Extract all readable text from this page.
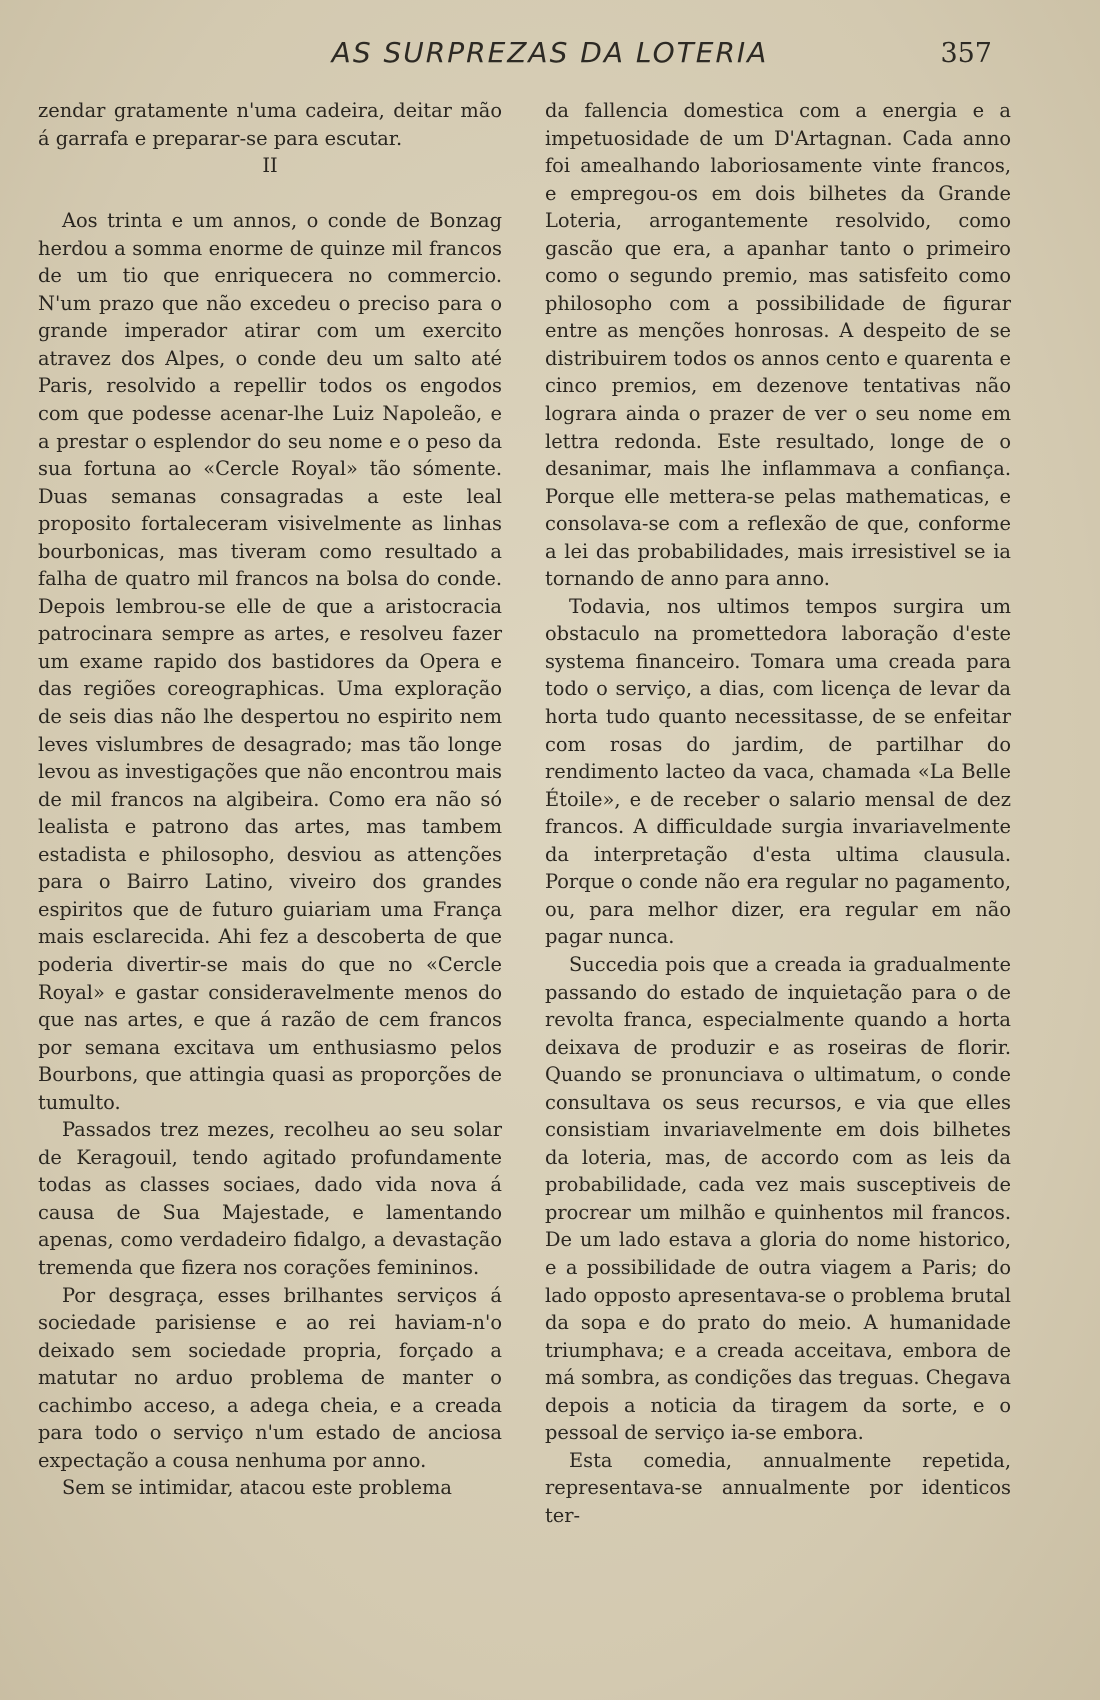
AS SURPREZAS DA LOTERIA	357

zendar gratamente n'uma cadeira, deitar mão á garrafa e preparar-se para escutar.

II

Aos trinta e um annos, o conde de Bonzag herdou a somma enorme de quinze mil francos de um tio que enriquecera no commercio. N'um prazo que não excedeu o preciso para o grande imperador atirar com um exercito atravez dos Alpes, o conde deu um salto até Paris, resolvido a repellir todos os engodos com que podesse acenar-lhe Luiz Napoleão, e a prestar o esplendor do seu nome e o peso da sua fortuna ao «Cercle Royal» tão sómente. Duas semanas consagradas a este leal proposito fortaleceram visivelmente as linhas bourbonicas, mas tiveram como resultado a falha de quatro mil francos na bolsa do conde. Depois lembrou-se elle de que a aristocracia patrocinara sempre as artes, e resolveu fazer um exame rapido dos bastidores da Opera e das regiões coreographicas. Uma exploração de seis dias não lhe despertou no espirito nem leves vislumbres de desagrado; mas tão longe levou as investigações que não encontrou mais de mil francos na algibeira. Como era não só lealista e patrono das artes, mas tambem estadista e philosopho, desviou as attenções para o Bairro Latino, viveiro dos grandes espiritos que de futuro guiariam uma França mais esclarecida. Ahi fez a descoberta de que poderia divertir-se mais do que no «Cercle Royal» e gastar consideravelmente menos do que nas artes, e que á razão de cem francos por semana excitava um enthusiasmo pelos Bourbons, que attingia quasi as proporções de tumulto.

Passados trez mezes, recolheu ao seu solar de Keragouil, tendo agitado profundamente todas as classes sociaes, dado vida nova á causa de Sua Majestade, e lamentando apenas, como verdadeiro fidalgo, a devastação tremenda que fizera nos corações femininos.

Por desgraça, esses brilhantes serviços á sociedade parisiense e ao rei haviam-n'o deixado sem sociedade propria, forçado a matutar no arduo problema de manter o cachimbo acceso, a adega cheia, e a creada para todo o serviço n'um estado de anciosa expectação a cousa nenhuma por anno.

Sem se intimidar, atacou este problema

da fallencia domestica com a energia e a impetuosidade de um D'Artagnan. Cada anno foi amealhando laboriosamente vinte francos, e empregou-os em dois bilhetes da Grande Loteria, arrogantemente resolvido, como gascão que era, a apanhar tanto o primeiro como o segundo premio, mas satisfeito como philosopho com a possibilidade de figurar entre as menções honrosas. A despeito de se distribuirem todos os annos cento e quarenta e cinco premios, em dezenove tentativas não lograra ainda o prazer de ver o seu nome em lettra redonda. Este resultado, longe de o desanimar, mais lhe inflammava a confiança. Porque elle mettera-se pelas mathematicas, e consolava-se com a reflexão de que, conforme a lei das probabilidades, mais irresistivel se ia tornando de anno para anno.

Todavia, nos ultimos tempos surgira um obstaculo na promettedora laboração d'este systema financeiro. Tomara uma creada para todo o serviço, a dias, com licença de levar da horta tudo quanto necessitasse, de se enfeitar com rosas do jardim, de partilhar do rendimento lacteo da vaca, chamada «La Belle Étoile», e de receber o salario mensal de dez francos. A difficuldade surgia invariavelmente da interpretação d'esta ultima clausula. Porque o conde não era regular no pagamento, ou, para melhor dizer, era regular em não pagar nunca.

Succedia pois que a creada ia gradualmente passando do estado de inquietação para o de revolta franca, especialmente quando a horta deixava de produzir e as roseiras de florir. Quando se pronunciava o ultimatum, o conde consultava os seus recursos, e via que elles consistiam invariavelmente em dois bilhetes da loteria, mas, de accordo com as leis da probabilidade, cada vez mais susceptiveis de procrear um milhão e quinhentos mil francos. De um lado estava a gloria do nome historico, e a possibilidade de outra viagem a Paris; do lado opposto apresentava-se o problema brutal da sopa e do prato do meio. A humanidade triumphava; e a creada acceitava, embora de má sombra, as condições das treguas. Chegava depois a noticia da tiragem da sorte, e o pessoal de serviço ia-se embora.

Esta comedia, annualmente repetida, representava-se annualmente por identicos ter-
